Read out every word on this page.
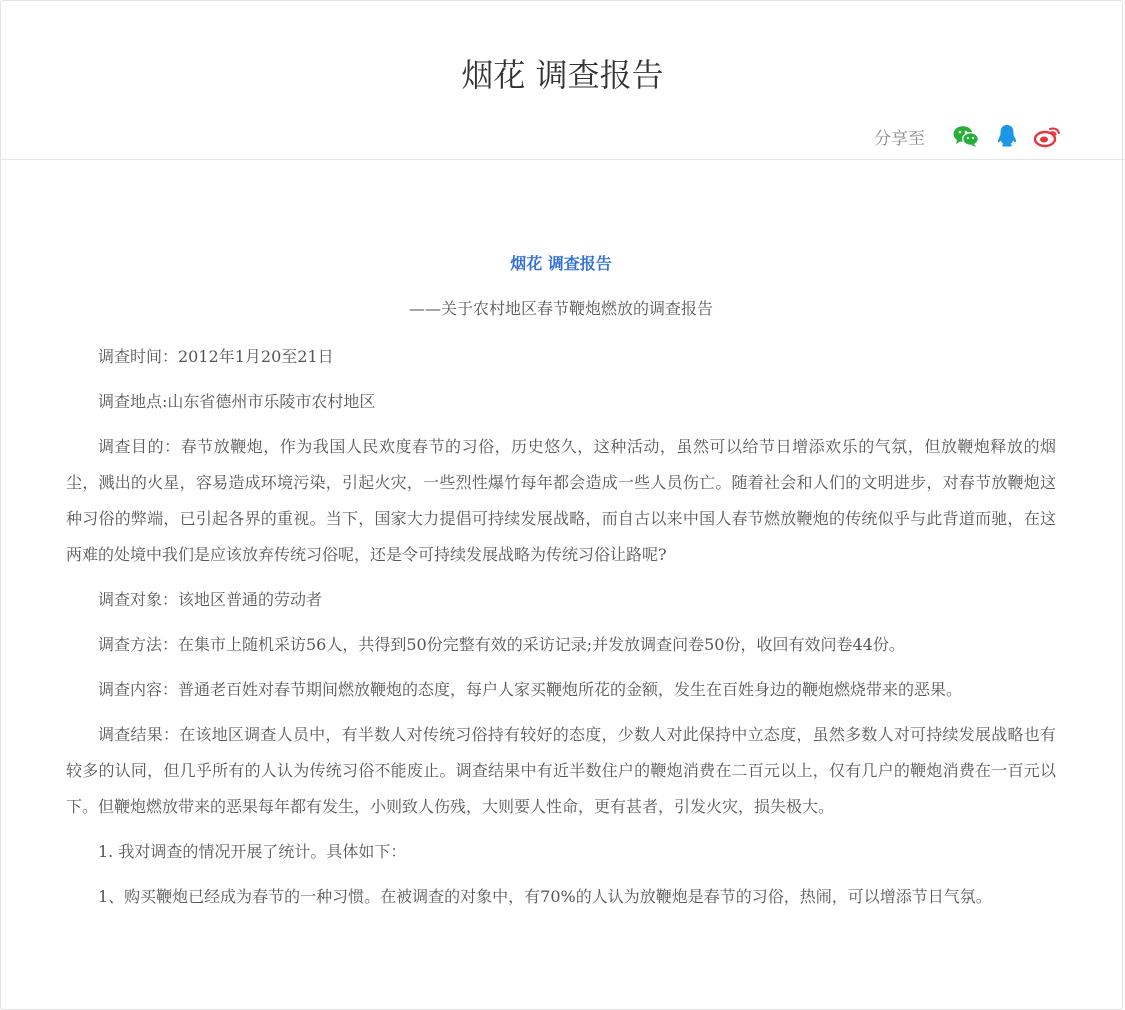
烟花 调查报告
分享至
烟花 调查报告
——关于农村地区春节鞭炮燃放的调查报告

调查时间：2012年1月20至21日

调查地点:山东省德州市乐陵市农村地区

调查目的：春节放鞭炮，作为我国人民欢度春节的习俗，历史悠久，这种活动，虽然可以给节日增添欢乐的气氛，但放鞭炮释放的烟尘，溅出的火星，容易造成环境污染，引起火灾，一些烈性爆竹每年都会造成一些人员伤亡。随着社会和人们的文明进步，对春节放鞭炮这种习俗的弊端，已引起各界的重视。当下，国家大力提倡可持续发展战略，而自古以来中国人春节燃放鞭炮的传统似乎与此背道而驰，在这两难的处境中我们是应该放弃传统习俗呢，还是令可持续发展战略为传统习俗让路呢?

调查对象：该地区普通的劳动者

调查方法：在集市上随机采访56人，共得到50份完整有效的采访记录;并发放调查问卷50份，收回有效问卷44份。

调查内容：普通老百姓对春节期间燃放鞭炮的态度，每户人家买鞭炮所花的金额，发生在百姓身边的鞭炮燃烧带来的恶果。

调查结果：在该地区调查人员中，有半数人对传统习俗持有较好的态度，少数人对此保持中立态度，虽然多数人对可持续发展战略也有较多的认同，但几乎所有的人认为传统习俗不能废止。调查结果中有近半数住户的鞭炮消费在二百元以上，仅有几户的鞭炮消费在一百元以下。但鞭炮燃放带来的恶果每年都有发生，小则致人伤残，大则要人性命，更有甚者，引发火灾，损失极大。

1. 我对调查的情况开展了统计。具体如下：

1、购买鞭炮已经成为春节的一种习惯。在被调查的对象中，有70%的人认为放鞭炮是春节的习俗，热闹，可以增添节日气氛。
